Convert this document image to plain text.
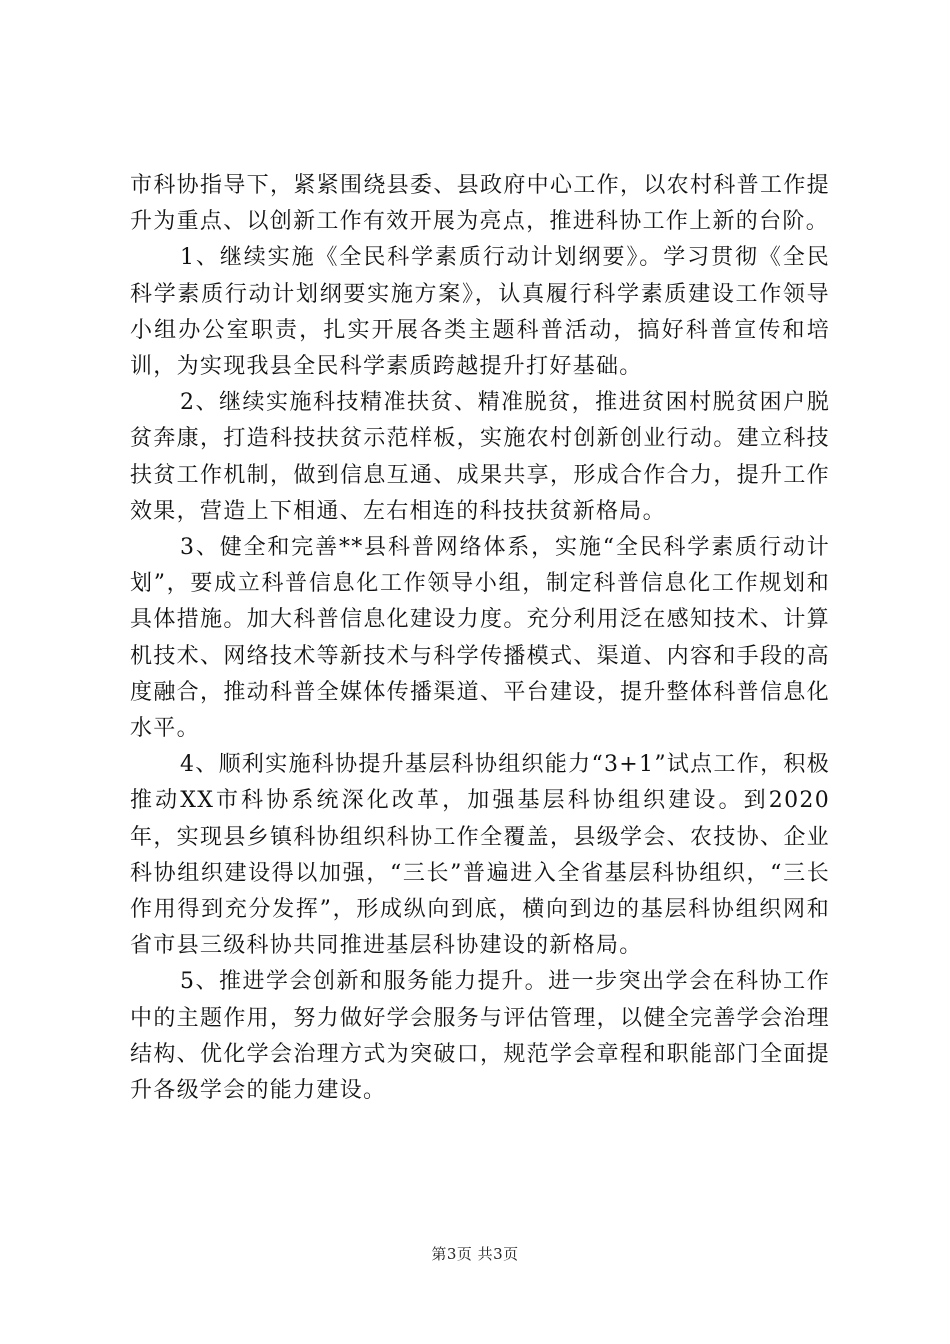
市科协指导下，紧紧围绕县委、县政府中心工作，以农村科普工作提升为重点、以创新工作有效开展为亮点，推进科协工作上新的台阶。

1、继续实施《全民科学素质行动计划纲要》。学习贯彻《全民科学素质行动计划纲要实施方案》，认真履行科学素质建设工作领导小组办公室职责，扎实开展各类主题科普活动，搞好科普宣传和培训，为实现我县全民科学素质跨越提升打好基础。

2、继续实施科技精准扶贫、精准脱贫，推进贫困村脱贫困户脱贫奔康，打造科技扶贫示范样板，实施农村创新创业行动。建立科技扶贫工作机制，做到信息互通、成果共享，形成合作合力，提升工作效果，营造上下相通、左右相连的科技扶贫新格局。

3、健全和完善**县科普网络体系，实施“全民科学素质行动计划”，要成立科普信息化工作领导小组，制定科普信息化工作规划和具体措施。加大科普信息化建设力度。充分利用泛在感知技术、计算机技术、网络技术等新技术与科学传播模式、渠道、内容和手段的高度融合，推动科普全媒体传播渠道、平台建设，提升整体科普信息化水平。

4、顺利实施科协提升基层科协组织能力“3+1”试点工作，积极推动XX市科协系统深化改革，加强基层科协组织建设。到2020年，实现县乡镇科协组织科协工作全覆盖，县级学会、农技协、企业科协组织建设得以加强，“三长”普遍进入全省基层科协组织，“三长作用得到充分发挥”，形成纵向到底，横向到边的基层科协组织网和省市县三级科协共同推进基层科协建设的新格局。

5、推进学会创新和服务能力提升。进一步突出学会在科协工作中的主题作用，努力做好学会服务与评估管理，以健全完善学会治理结构、优化学会治理方式为突破口，规范学会章程和职能部门全面提升各级学会的能力建设。

第3页 共3页
